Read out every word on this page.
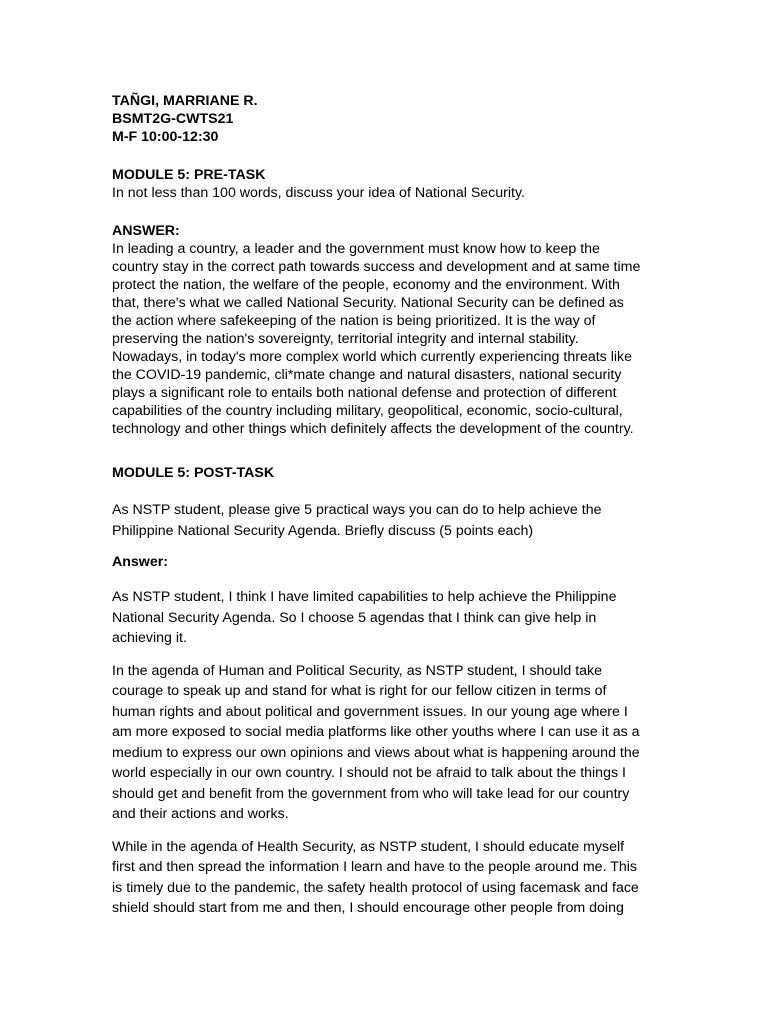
TAÑGI, MARRIANE R.
BSMT2G-CWTS21
M-F 10:00-12:30
MODULE 5: PRE-TASK
In not less than 100 words, discuss your idea of National Security.
ANSWER:
In leading a country, a leader and the government must know how to keep the
country stay in the correct path towards success and development and at same time
protect the nation, the welfare of the people, economy and the environment. With
that, there's what we called National Security. National Security can be defined as
the action where safekeeping of the nation is being prioritized. It is the way of
preserving the nation's sovereignty, territorial integrity and internal stability.
Nowadays, in today's more complex world which currently experiencing threats like
the COVID-19 pandemic, cli*mate change and natural disasters, national security
plays a significant role to entails both national defense and protection of different
capabilities of the country including military, geopolitical, economic, socio-cultural,
technology and other things which definitely affects the development of the country.
MODULE 5: POST-TASK
As NSTP student, please give 5 practical ways you can do to help achieve the
Philippine National Security Agenda. Briefly discuss (5 points each)
Answer:
As NSTP student, I think I have limited capabilities to help achieve the Philippine
National Security Agenda. So I choose 5 agendas that I think can give help in
achieving it.
In the agenda of Human and Political Security, as NSTP student, I should take
courage to speak up and stand for what is right for our fellow citizen in terms of
human rights and about political and government issues. In our young age where I
am more exposed to social media platforms like other youths where I can use it as a
medium to express our own opinions and views about what is happening around the
world especially in our own country. I should not be afraid to talk about the things I
should get and benefit from the government from who will take lead for our country
and their actions and works.
While in the agenda of Health Security, as NSTP student, I should educate myself
first and then spread the information I learn and have to the people around me. This
is timely due to the pandemic, the safety health protocol of using facemask and face
shield should start from me and then, I should encourage other people from doing
